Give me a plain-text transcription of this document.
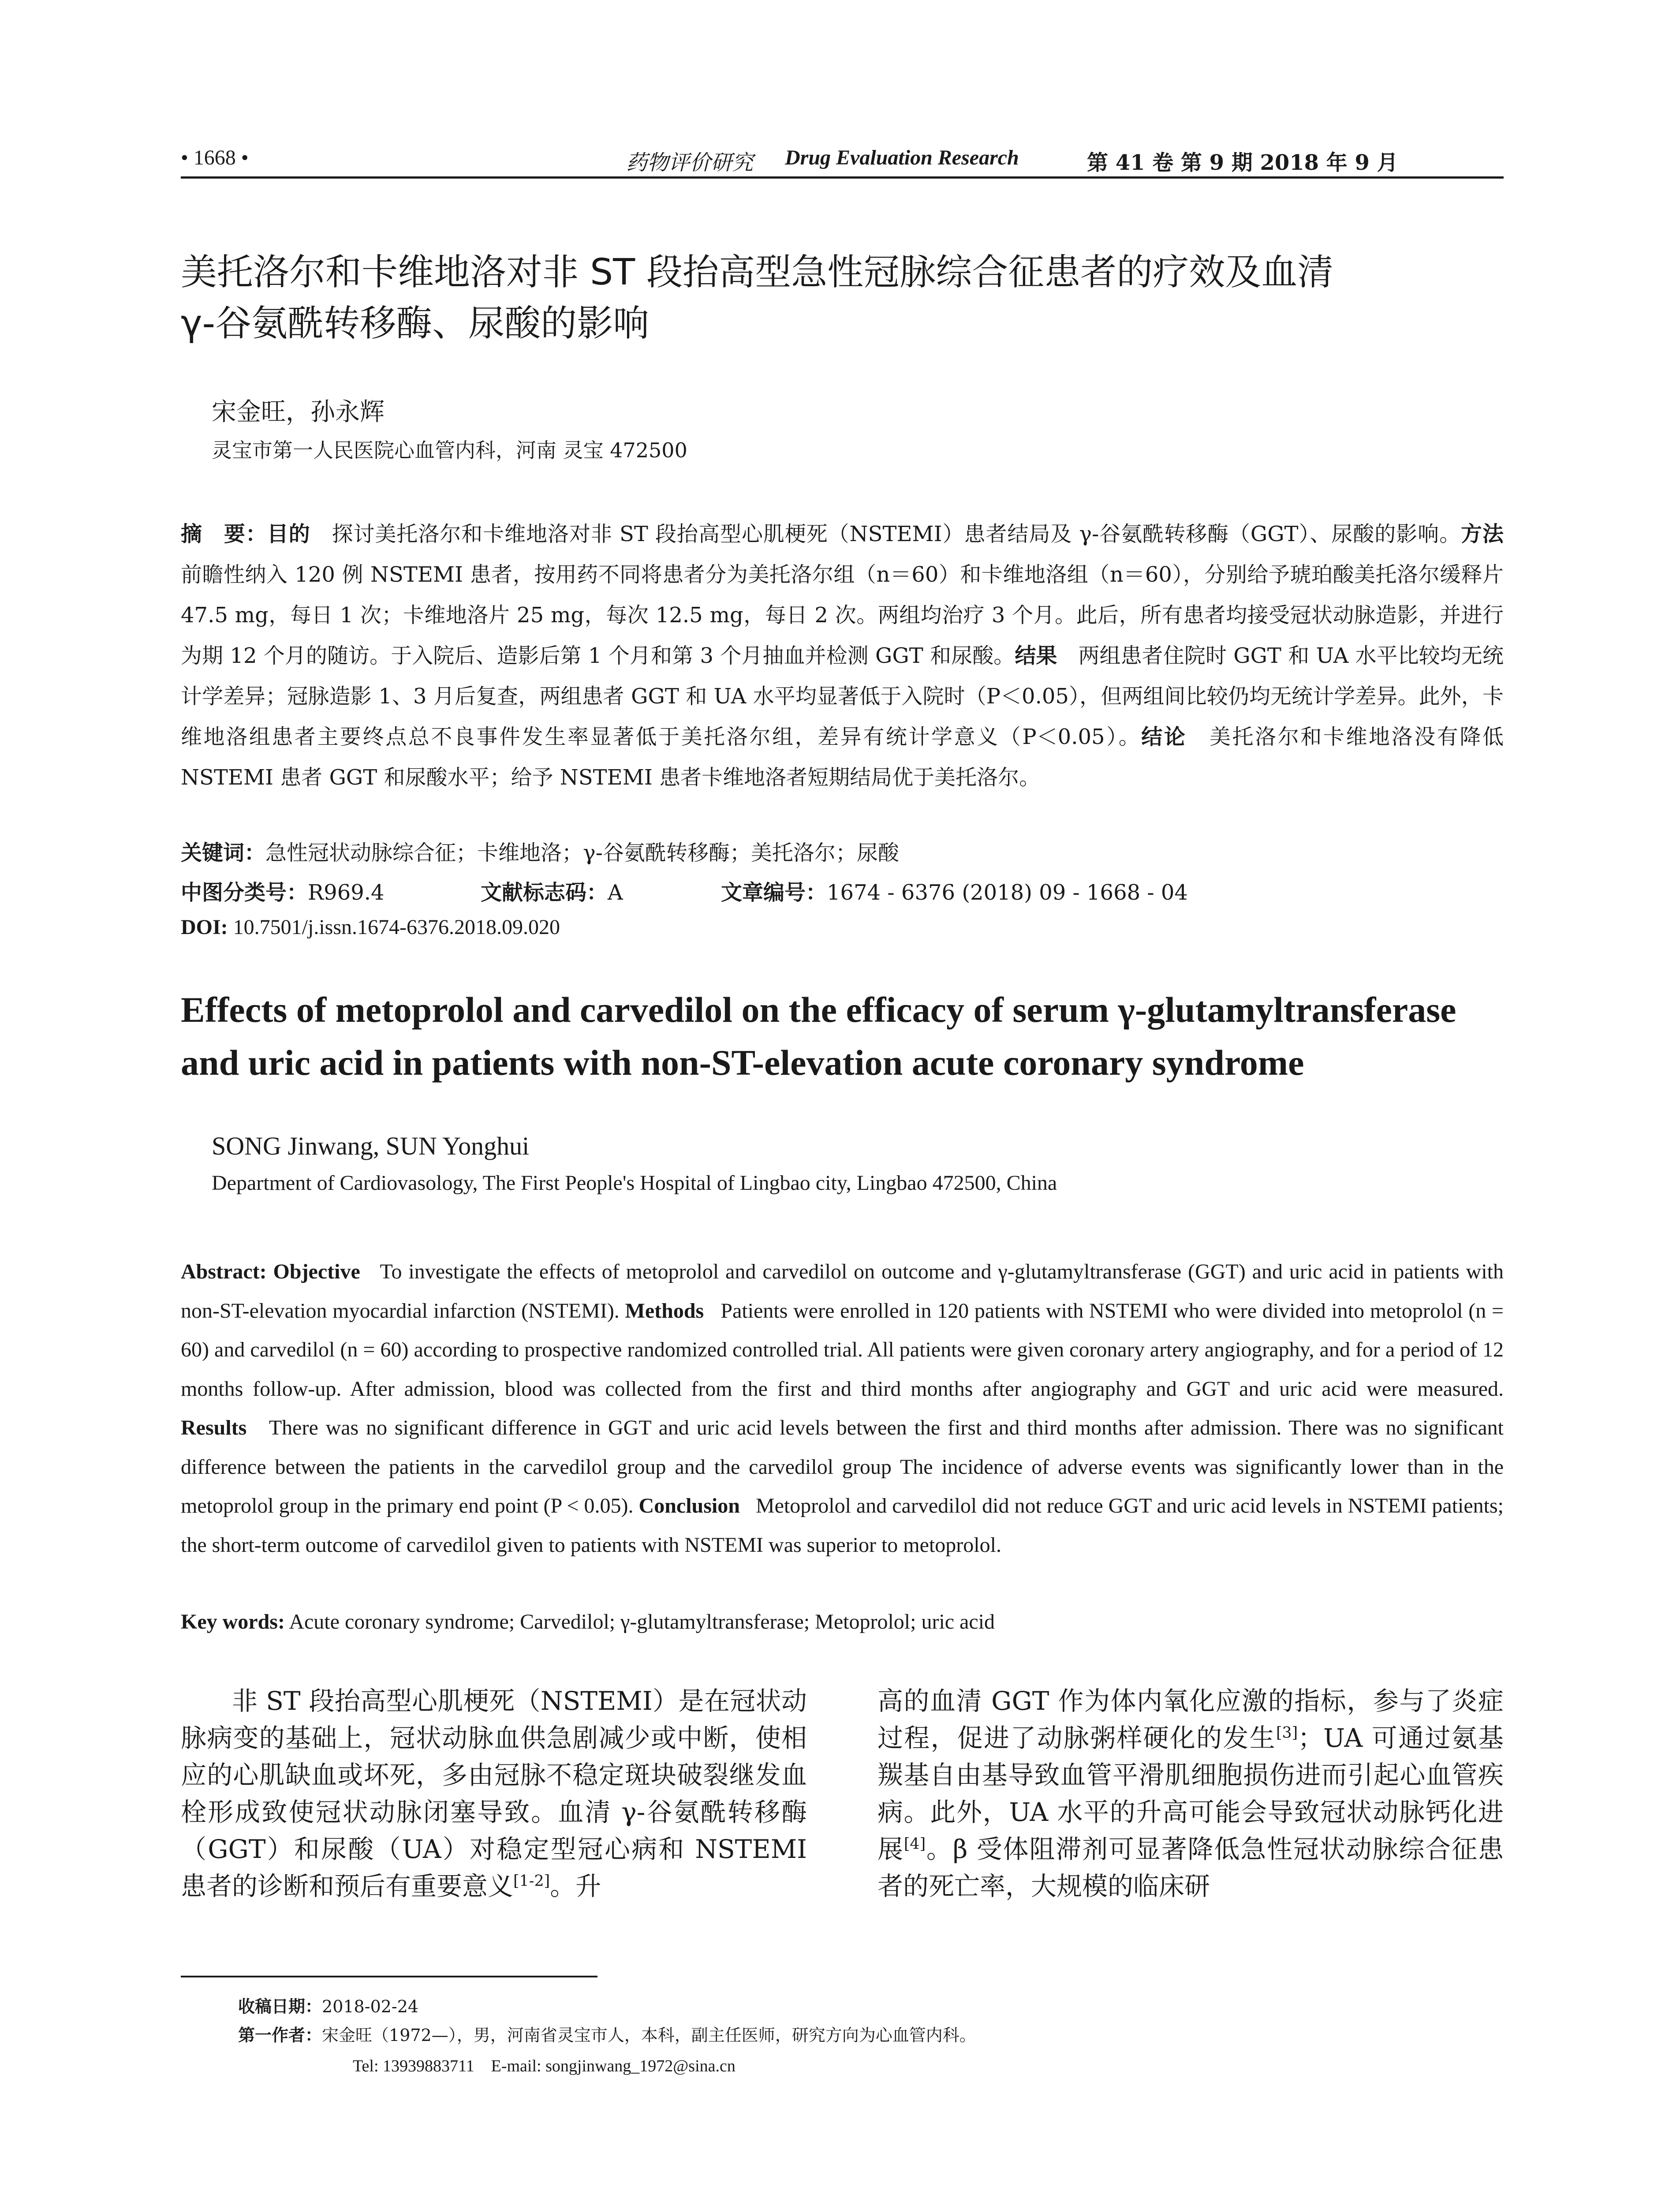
• 1668 •	药物评价研究 Drug Evaluation Research	第 41 卷 第 9 期 2018 年 9 月
美托洛尔和卡维地洛对非 ST 段抬高型急性冠脉综合征患者的疗效及血清
γ-谷氨酰转移酶、尿酸的影响
宋金旺，孙永辉
灵宝市第一人民医院心血管内科，河南 灵宝 472500
摘　要：目的　 探讨美托洛尔和卡维地洛对非 ST 段抬高型心肌梗死（NSTEMI）患者结局及 γ-谷氨酰转移酶（GGT）、尿酸的影响。方法　前瞻性纳入 120 例 NSTEMI 患者，按用药不同将患者分为美托洛尔组（n＝60）和卡维地洛组（n＝60），分别给予琥珀酸美托洛尔缓释片 47.5 mg，每日 1 次；卡维地洛片 25 mg，每次 12.5 mg，每日 2 次。两组均治疗 3 个月。此后，所有患者均接受冠状动脉造影，并进行为期 12 个月的随访。于入院后、造影后第 1 个月和第 3 个月抽血并检测 GGT 和尿酸。结果　 两组患者住院时 GGT 和 UA 水平比较均无统计学差异；冠脉造影 1、3 月后复查，两组患者 GGT 和 UA 水平均显著低于入院时（P＜0.05），但两组间比较仍均无统计学差异。此外，卡维地洛组患者主要终点总不良事件发生率显著低于美托洛尔组，差异有统计学意义（P＜0.05）。结论　 美托洛尔和卡维地洛没有降低 NSTEMI 患者 GGT 和尿酸水平；给予 NSTEMI 患者卡维地洛者短期结局优于美托洛尔。
关键词：急性冠状动脉综合征；卡维地洛；γ-谷氨酰转移酶；美托洛尔；尿酸
中图分类号：R969.4	文献标志码：A	文章编号：1674 - 6376 (2018) 09 - 1668 - 04
DOI: 10.7501/j.issn.1674-6376.2018.09.020
Effects of metoprolol and carvedilol on the efficacy of serum γ-glutamyltransferase
and uric acid in patients with non-ST-elevation acute coronary syndrome
SONG Jinwang, SUN Yonghui
Department of Cardiovasology, The First People's Hospital of Lingbao city, Lingbao 472500, China
Abstract: Objective To investigate the effects of metoprolol and carvedilol on outcome and γ-glutamyltransferase (GGT) and uric acid in patients with non-ST-elevation myocardial infarction (NSTEMI). Methods Patients were enrolled in 120 patients with NSTEMI who were divided into metoprolol (n = 60) and carvedilol (n = 60) according to prospective randomized controlled trial. All patients were given coronary artery angiography, and for a period of 12 months follow-up. After admission, blood was collected from the first and third months after angiography and GGT and uric acid were measured. Results There was no significant difference in GGT and uric acid levels between the first and third months after admission. There was no significant difference between the patients in the carvedilol group and the carvedilol group The incidence of adverse events was significantly lower than in the metoprolol group in the primary end point (P < 0.05). Conclusion Metoprolol and carvedilol did not reduce GGT and uric acid levels in NSTEMI patients; the short-term outcome of carvedilol given to patients with NSTEMI was superior to metoprolol.
Key words: Acute coronary syndrome; Carvedilol; γ-glutamyltransferase; Metoprolol; uric acid
非 ST 段抬高型心肌梗死（NSTEMI）是在冠状动脉病变的基础上，冠状动脉血供急剧减少或中断，使相应的心肌缺血或坏死，多由冠脉不稳定斑块破裂继发血栓形成致使冠状动脉闭塞导致。血清 γ-谷氨酰转移酶（GGT）和尿酸（UA）对稳定型冠心病和 NSTEMI 患者的诊断和预后有重要意义[1-2]。升
高的血清 GGT 作为体内氧化应激的指标，参与了炎症过程，促进了动脉粥样硬化的发生[3]；UA 可通过氨基羰基自由基导致血管平滑肌细胞损伤进而引起心血管疾病。此外，UA 水平的升高可能会导致冠状动脉钙化进展[4]。β 受体阻滞剂可显著降低急性冠状动脉综合征患者的死亡率，大规模的临床研
收稿日期：2018-02-24
第一作者：宋金旺（1972—），男，河南省灵宝市人，本科，副主任医师，研究方向为心血管内科。
Tel: 13939883711    E-mail: songjinwang_1972@sina.cn
